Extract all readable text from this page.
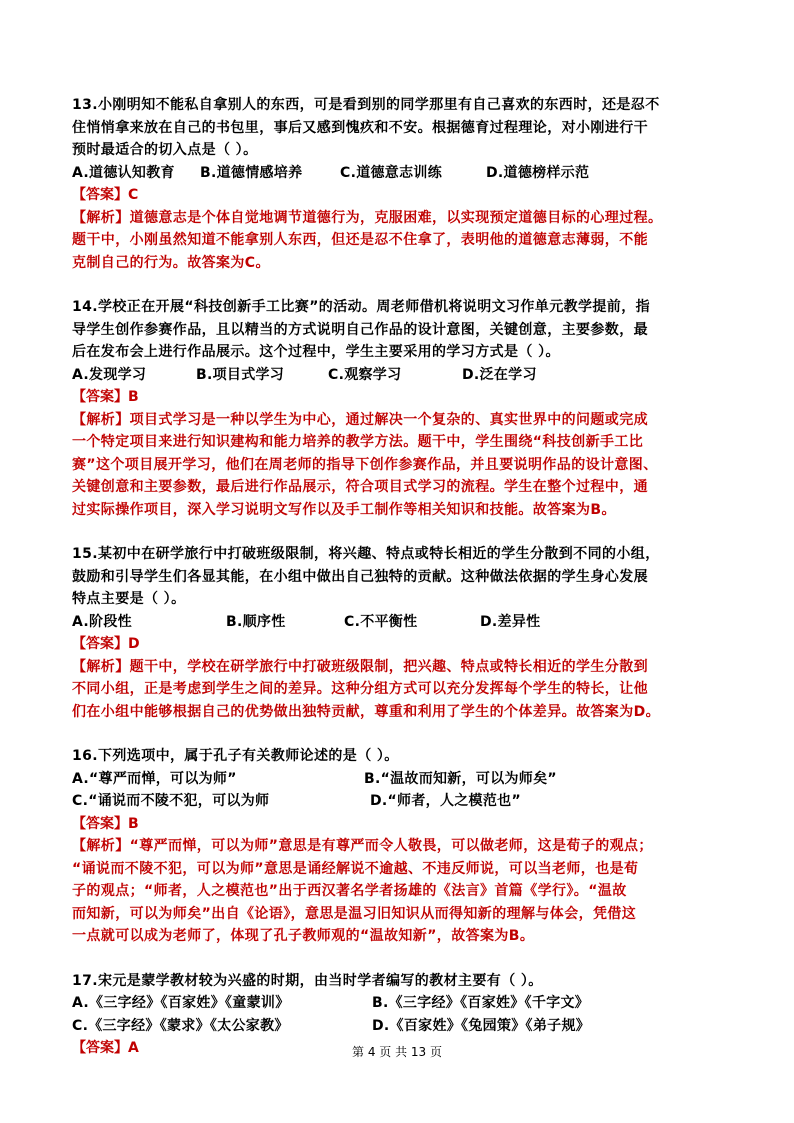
13.小刚明知不能私自拿别人的东西，可是看到别的同学那里有自己喜欢的东西时，还是忍不
住悄悄拿来放在自己的书包里，事后又感到愧疚和不安。根据德育过程理论，对小刚进行干
预时最适合的切入点是（ ）。
A.道德认知教育	B.道德情感培养	C.道德意志训练	D.道德榜样示范
【答案】C
【解析】道德意志是个体自觉地调节道德行为，克服困难，以实现预定道德目标的心理过程。
题干中，小刚虽然知道不能拿别人东西，但还是忍不住拿了，表明他的道德意志薄弱，不能
克制自己的行为。故答案为C。
14.学校正在开展“科技创新手工比赛”的活动。周老师借机将说明文习作单元教学提前，指
导学生创作参赛作品，且以精当的方式说明自己作品的设计意图，关键创意，主要参数，最
后在发布会上进行作品展示。这个过程中，学生主要采用的学习方式是（ ）。
A.发现学习	B.项目式学习	C.观察学习	D.泛在学习
【答案】B
【解析】项目式学习是一种以学生为中心，通过解决一个复杂的、真实世界中的问题或完成
一个特定项目来进行知识建构和能力培养的教学方法。题干中，学生围绕“科技创新手工比
赛”这个项目展开学习，他们在周老师的指导下创作参赛作品，并且要说明作品的设计意图、
关键创意和主要参数，最后进行作品展示，符合项目式学习的流程。学生在整个过程中，通
过实际操作项目，深入学习说明文写作以及手工制作等相关知识和技能。故答案为B。
15.某初中在研学旅行中打破班级限制，将兴趣、特点或特长相近的学生分散到不同的小组，
鼓励和引导学生们各显其能，在小组中做出自己独特的贡献。这种做法依据的学生身心发展
特点主要是（ ）。
A.阶段性	B.顺序性	C.不平衡性	D.差异性
【答案】D
【解析】题干中，学校在研学旅行中打破班级限制，把兴趣、特点或特长相近的学生分散到
不同小组，正是考虑到学生之间的差异。这种分组方式可以充分发挥每个学生的特长，让他
们在小组中能够根据自己的优势做出独特贡献，尊重和利用了学生的个体差异。故答案为D。
16.下列选项中，属于孔子有关教师论述的是（ ）。
A.“尊严而惮，可以为师”	B.“温故而知新，可以为师矣”
C.“诵说而不陵不犯，可以为师	D.“师者，人之模范也”
【答案】B
【解析】“尊严而惮，可以为师”意思是有尊严而令人敬畏，可以做老师，这是荀子的观点；
“诵说而不陵不犯，可以为师”意思是诵经解说不逾越、不违反师说，可以当老师，也是荀
子的观点；“师者，人之模范也”出于西汉著名学者扬雄的《法言》首篇《学行》。“温故
而知新，可以为师矣”出自《论语》，意思是温习旧知识从而得知新的理解与体会，凭借这
一点就可以成为老师了，体现了孔子教师观的“温故知新”，故答案为B。
17.宋元是蒙学教材较为兴盛的时期，由当时学者编写的教材主要有（ ）。
A.《三字经》《百家姓》《童蒙训》	B.《三字经》《百家姓》《千字文》
C.《三字经》《蒙求》《太公家教》	D.《百家姓》《兔园策》《弟子规》
【答案】A	第 4 页 共 13 页
